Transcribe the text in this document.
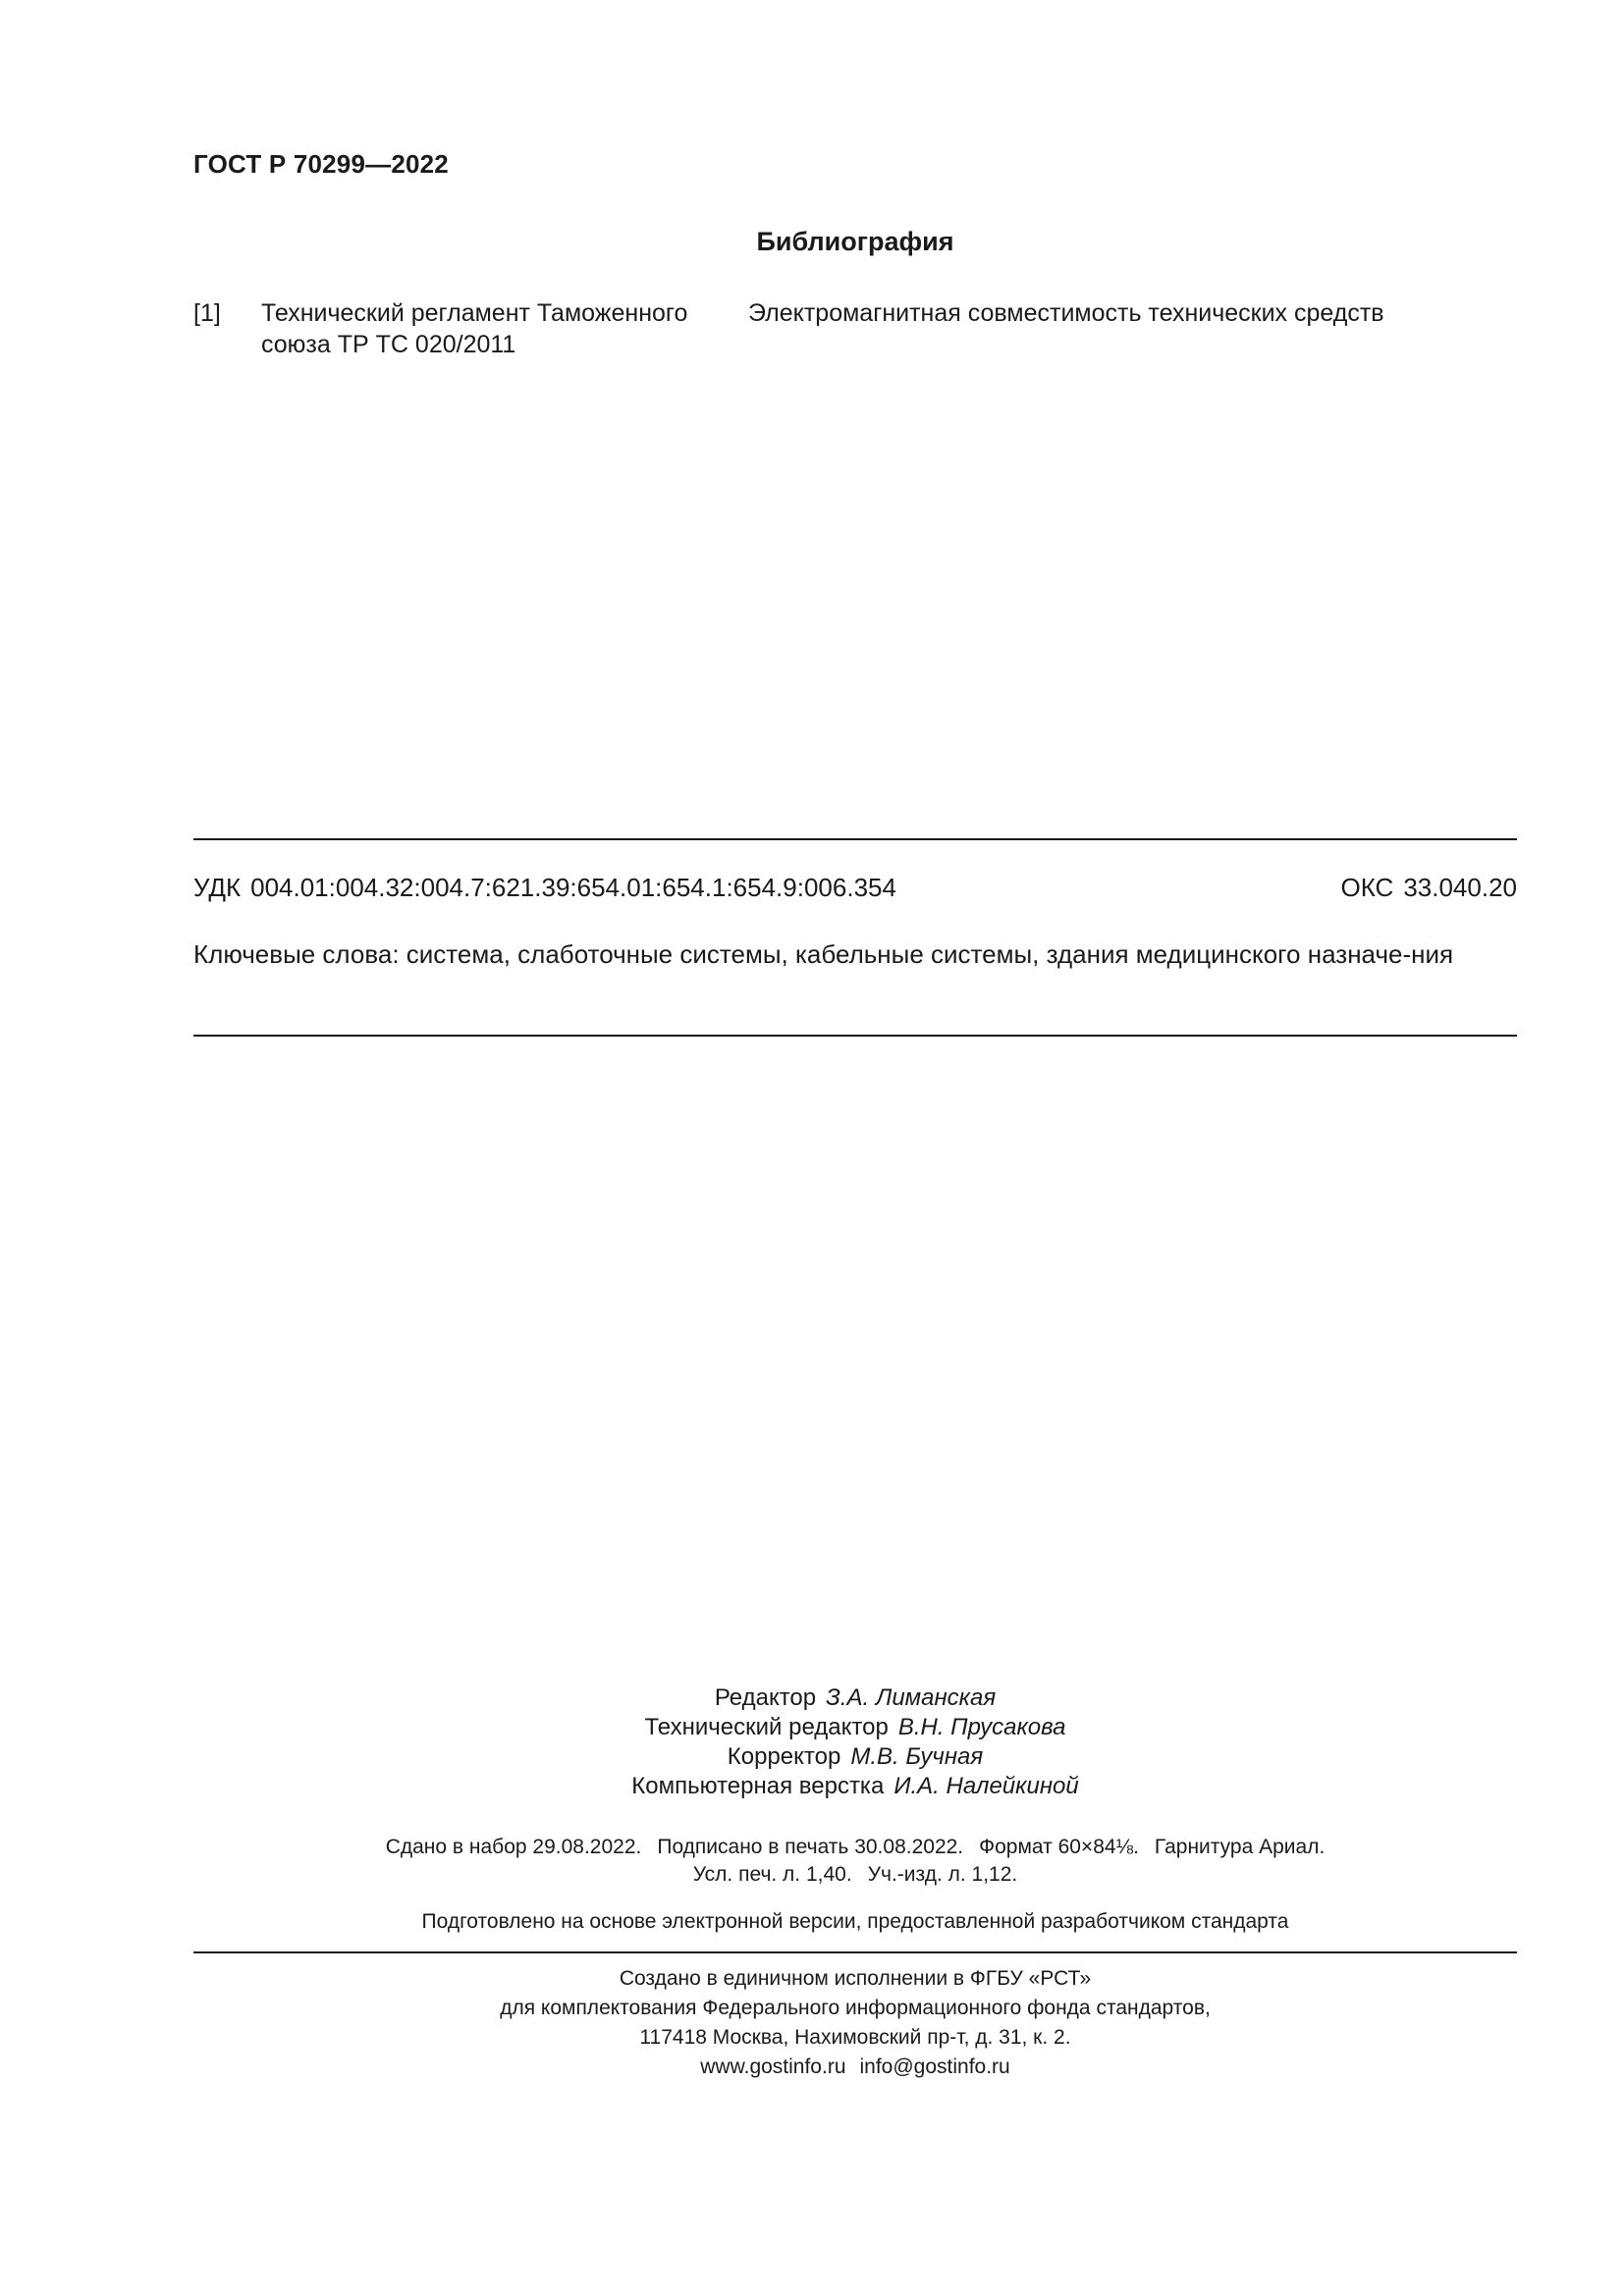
ГОСТ Р 70299—2022
Библиография
[1] Технический регламент Таможенного
союза ТР ТС 020/2011
Электромагнитная совместимость технических средств
УДК 004.01:004.32:004.7:621.39:654.01:654.1:654.9:006.354	ОКС 33.040.20
Ключевые слова: система, слаботочные системы, кабельные системы, здания медицинского назначе-ния
Редактор З.А. Лиманская
Технический редактор В.Н. Прусакова
Корректор М.В. Бучная
Компьютерная верстка И.А. Налейкиной
Сдано в набор 29.08.2022. Подписано в печать 30.08.2022. Формат 60×84⅛. Гарнитура Ариал.
Усл. печ. л. 1,40. Уч.-изд. л. 1,12.
Подготовлено на основе электронной версии, предоставленной разработчиком стандарта
Создано в единичном исполнении в ФГБУ «РСТ»
для комплектования Федерального информационного фонда стандартов,
117418 Москва, Нахимовский пр-т, д. 31, к. 2.
www.gostinfo.ru info@gostinfo.ru
